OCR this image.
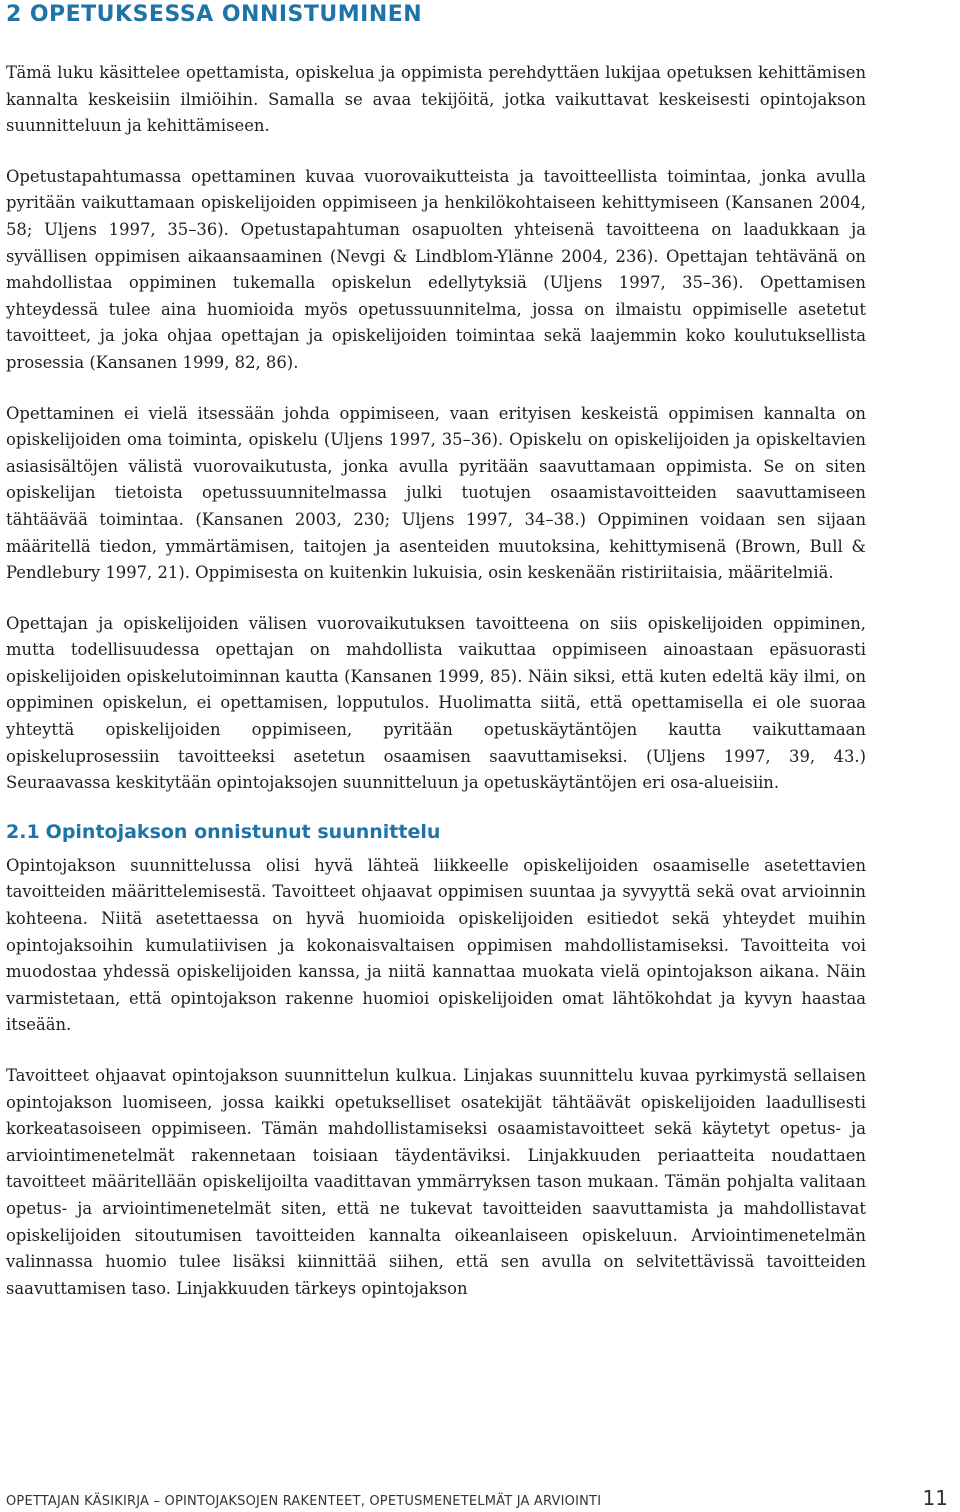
2 OPETUKSESSA ONNISTUMINEN

Tämä luku käsittelee opettamista, opiskelua ja oppimista perehdyttäen lukijaa opetuksen kehittämisen kannalta keskeisiin ilmiöihin. Samalla se avaa tekijöitä, jotka vaikuttavat keskeisesti opintojakson suunnitteluun ja kehittämiseen.

Opetustapahtumassa opettaminen kuvaa vuorovaikutteista ja tavoitteellista toimintaa, jonka avulla pyritään vaikuttamaan opiskelijoiden oppimiseen ja henkilökohtaiseen kehittymiseen (Kansanen 2004, 58; Uljens 1997, 35–36). Opetustapahtuman osapuolten yhteisenä tavoitteena on laadukkaan ja syvällisen oppimisen aikaansaaminen (Nevgi & Lindblom-Ylänne 2004, 236). Opettajan tehtävänä on mahdollistaa oppiminen tukemalla opiskelun edellytyksiä (Uljens 1997, 35–36). Opettamisen yhteydessä tulee aina huomioida myös opetussuunnitelma, jossa on ilmaistu oppimiselle asetetut tavoitteet, ja joka ohjaa opettajan ja opiskelijoiden toimintaa sekä laajemmin koko koulutuksellista prosessia (Kansanen 1999, 82, 86).

Opettaminen ei vielä itsessään johda oppimiseen, vaan erityisen keskeistä oppimisen kannalta on opiskelijoiden oma toiminta, opiskelu (Uljens 1997, 35–36). Opiskelu on opiskelijoiden ja opiskeltavien asiasisältöjen välistä vuorovaikutusta, jonka avulla pyritään saavuttamaan oppimista. Se on siten opiskelijan tietoista opetussuunnitelmassa julki tuotujen osaamistavoitteiden saavuttamiseen tähtäävää toimintaa. (Kansanen 2003, 230; Uljens 1997, 34–38.) Oppiminen voidaan sen sijaan määritellä tiedon, ymmärtämisen, taitojen ja asenteiden muutoksina, kehittymisenä (Brown, Bull & Pendlebury 1997, 21). Oppimisesta on kuitenkin lukuisia, osin keskenään ristiriitaisia, määritelmiä.

Opettajan ja opiskelijoiden välisen vuorovaikutuksen tavoitteena on siis opiskelijoiden oppiminen, mutta todellisuudessa opettajan on mahdollista vaikuttaa oppimiseen ainoastaan epäsuorasti opiskelijoiden opiskelutoiminnan kautta (Kansanen 1999, 85). Näin siksi, että kuten edeltä käy ilmi, on oppiminen opiskelun, ei opettamisen, lopputulos. Huolimatta siitä, että opettamisella ei ole suoraa yhteyttä opiskelijoiden oppimiseen, pyritään opetuskäytäntöjen kautta vaikuttamaan opiskeluprosessiin tavoitteeksi asetetun osaamisen saavuttamiseksi. (Uljens 1997, 39, 43.) Seuraavassa keskitytään opintojaksojen suunnitteluun ja opetuskäytäntöjen eri osa-alueisiin.

2.1 Opintojakson onnistunut suunnittelu

Opintojakson suunnittelussa olisi hyvä lähteä liikkeelle opiskelijoiden osaamiselle asetettavien tavoitteiden määrittelemisestä. Tavoitteet ohjaavat oppimisen suuntaa ja syvyyttä sekä ovat arvioinnin kohteena. Niitä asetettaessa on hyvä huomioida opiskelijoiden esitiedot sekä yhteydet muihin opintojaksoihin kumulatiivisen ja kokonaisvaltaisen oppimisen mahdollistamiseksi. Tavoitteita voi muodostaa yhdessä opiskelijoiden kanssa, ja niitä kannattaa muokata vielä opintojakson aikana. Näin varmistetaan, että opintojakson rakenne huomioi opiskelijoiden omat lähtökohdat ja kyvyn haastaa itseään.

Tavoitteet ohjaavat opintojakson suunnittelun kulkua. Linjakas suunnittelu kuvaa pyrkimystä sellaisen opintojakson luomiseen, jossa kaikki opetukselliset osatekijät tähtäävät opiskelijoiden laadullisesti korkeatasoiseen oppimiseen. Tämän mahdollistamiseksi osaamistavoitteet sekä käytetyt opetus- ja arviointimenetelmät rakennetaan toisiaan täydentäviksi. Linjakkuuden periaatteita noudattaen tavoitteet määritellään opiskelijoilta vaadittavan ymmärryksen tason mukaan. Tämän pohjalta valitaan opetus- ja arviointimenetelmät siten, että ne tukevat tavoitteiden saavuttamista ja mahdollistavat opiskelijoiden sitoutumisen tavoitteiden kannalta oikeanlaiseen opiskeluun. Arviointimenetelmän valinnassa huomio tulee lisäksi kiinnittää siihen, että sen avulla on selvitettävissä tavoitteiden saavuttamisen taso. Linjakkuuden tärkeys opintojakson

OPETTAJAN KÄSIKIRJA – OPINTOJAKSOJEN RAKENTEET, OPETUSMENETELMÄT JA ARVIOINTI	11
